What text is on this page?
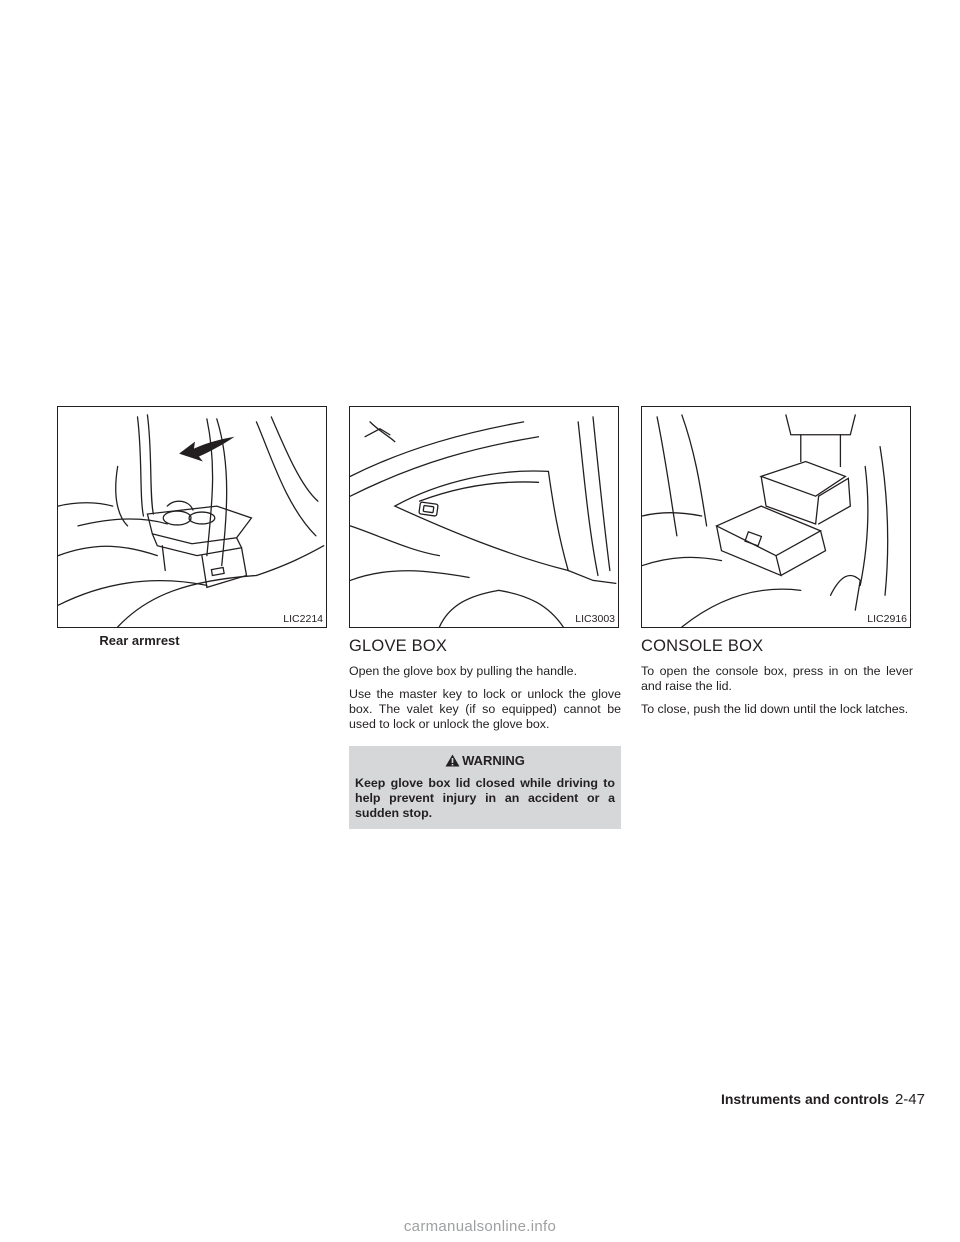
LIC2214	LIC3003	LIC2916
Rear armrest	GLOVE BOX

Open the glove box by pulling the handle.

Use the master key to lock or unlock the glove box. The valet key (if so equipped) cannot be used to lock or unlock the glove box.

WARNING
Keep glove box lid closed while driving to help prevent injury in an accident or a sudden stop.
CONSOLE BOX

To open the console box, press in on the lever and raise the lid.

To close, push the lid down until the lock latches.

Instruments and controls 2-47
carmanualsonline.info
